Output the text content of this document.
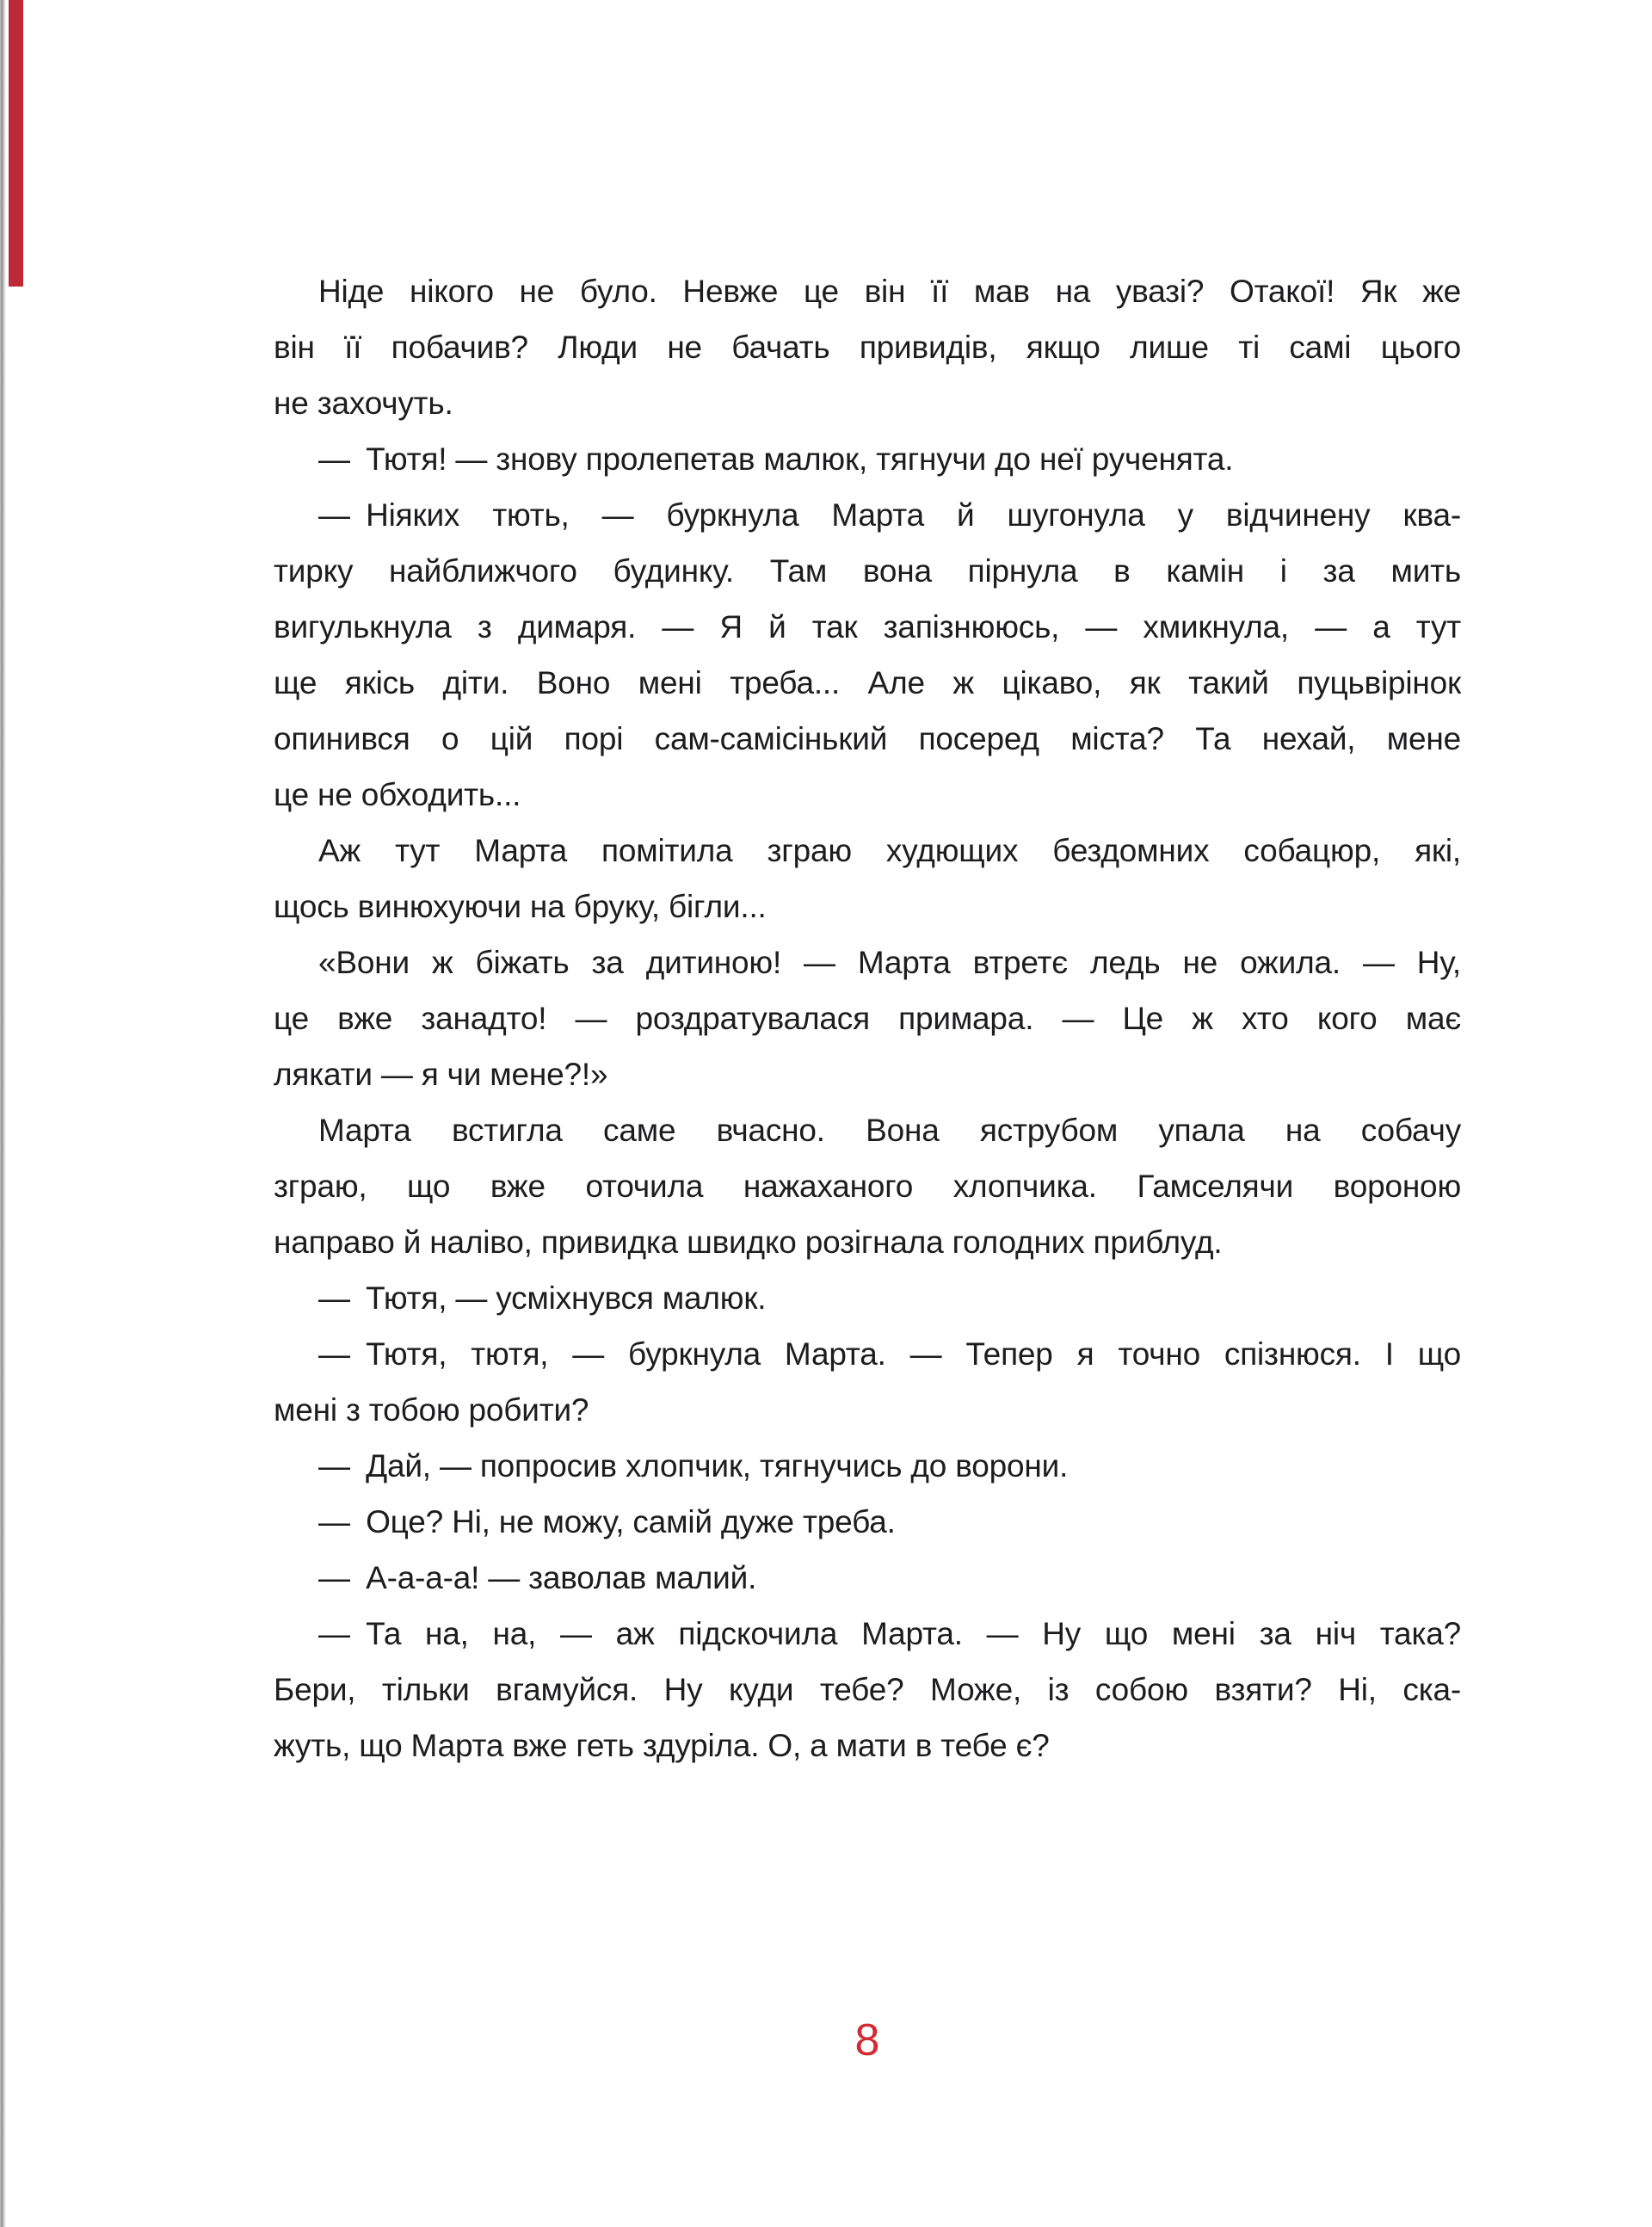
Ніде нікого не було. Невже це він її мав на увазі? Отакої! Як же
він її побачив? Люди не бачать привидів, якщо лише ті самі цього
не захочуть.
— Тютя! — знову пролепетав малюк, тягнучи до неї рученята.
— Ніяких тють, — буркнула Марта й шугонула у відчинену ква-
тирку найближчого будинку. Там вона пірнула в камін і за мить
вигулькнула з димаря. — Я й так запізнююсь, — хмикнула, — а тут
ще якісь діти. Воно мені треба... Але ж цікаво, як такий пуцьвірінок
опинився о цій порі сам-самісінький посеред міста? Та нехай, мене
це не обходить...
Аж тут Марта помітила зграю худющих бездомних собацюр, які,
щось винюхуючи на бруку, бігли...
«Вони ж біжать за дитиною! — Марта втретє ледь не ожила. — Ну,
це вже занадто! — роздратувалася примара. — Це ж хто кого має
лякати — я чи мене?!»
Марта встигла саме вчасно. Вона яструбом упала на собачу
зграю, що вже оточила нажаханого хлопчика. Гамселячи вороною
направо й наліво, привидка швидко розігнала голодних приблуд.
— Тютя, — усміхнувся малюк.
— Тютя, тютя, — буркнула Марта. — Тепер я точно спізнюся. І що
мені з тобою робити?
— Дай, — попросив хлопчик, тягнучись до ворони.
— Оце? Ні, не можу, самій дуже треба.
— А-а-а-а! — заволав малий.
— Та на, на, — аж підскочила Марта. — Ну що мені за ніч така?
Бери, тільки вгамуйся. Ну куди тебе? Може, із собою взяти? Ні, ска-
жуть, що Марта вже геть здуріла. О, а мати в тебе є?
8
